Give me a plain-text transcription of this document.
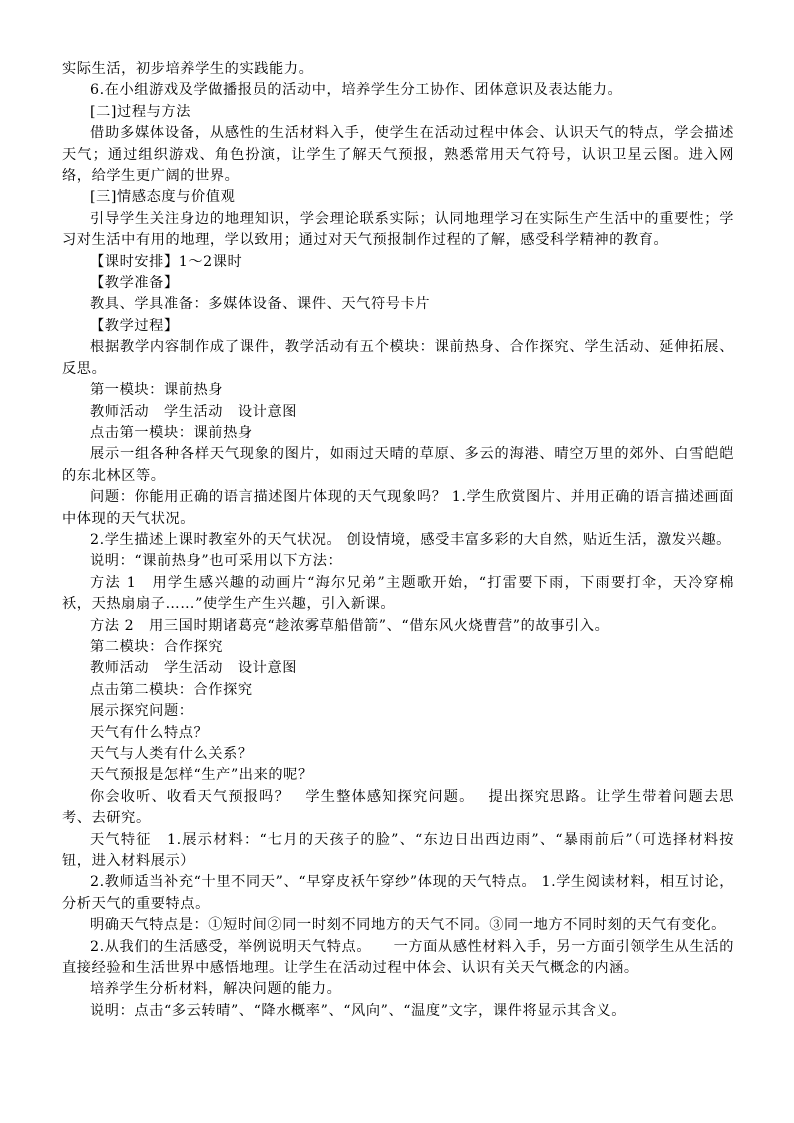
实际生活，初步培养学生的实践能力。

6.在小组游戏及学做播报员的活动中，培养学生分工协作、团体意识及表达能力。

[二]过程与方法

借助多媒体设备，从感性的生活材料入手，使学生在活动过程中体会、认识天气的特点，学会描述天气；通过组织游戏、角色扮演，让学生了解天气预报，熟悉常用天气符号，认识卫星云图。进入网络，给学生更广阔的世界。

[三]情感态度与价值观

引导学生关注身边的地理知识，学会理论联系实际；认同地理学习在实际生产生活中的重要性；学习对生活中有用的地理，学以致用；通过对天气预报制作过程的了解，感受科学精神的教育。

【课时安排】1～2课时

【教学准备】

教具、学具准备：多媒体设备、课件、天气符号卡片

【教学过程】

根据教学内容制作成了课件，教学活动有五个模块：课前热身、合作探究、学生活动、延伸拓展、反思。

第一模块：课前热身

教师活动　学生活动　设计意图

点击第一模块：课前热身

展示一组各种各样天气现象的图片，如雨过天晴的草原、多云的海港、晴空万里的郊外、白雪皑皑的东北林区等。

问题：你能用正确的语言描述图片体现的天气现象吗？ 1.学生欣赏图片、并用正确的语言描述画面中体现的天气状况。

2.学生描述上课时教室外的天气状况。 创设情境，感受丰富多彩的大自然，贴近生活，激发兴趣。

说明：“课前热身”也可采用以下方法：

方法 1　用学生感兴趣的动画片“海尔兄弟”主题歌开始，“打雷要下雨，下雨要打伞，天冷穿棉袄，天热扇扇子……”使学生产生兴趣，引入新课。

方法 2　用三国时期诸葛亮“趁浓雾草船借箭”、“借东风火烧曹营”的故事引入。

第二模块：合作探究

教师活动　学生活动　设计意图

点击第二模块：合作探究

展示探究问题：

天气有什么特点？

天气与人类有什么关系？

天气预报是怎样“生产”出来的呢？

你会收听、收看天气预报吗？　学生整体感知探究问题。　 提出探究思路。让学生带着问题去思考、去研究。

天气特征　1.展示材料：“七月的天孩子的脸”、“东边日出西边雨”、“暴雨前后”（可选择材料按钮，进入材料展示）

2.教师适当补充“十里不同天”、“早穿皮袄午穿纱”体现的天气特点。 1.学生阅读材料，相互讨论，分析天气的重要特点。

明确天气特点是：①短时间②同一时刻不同地方的天气不同。③同一地方不同时刻的天气有变化。

2.从我们的生活感受，举例说明天气特点。　　一方面从感性材料入手，另一方面引领学生从生活的直接经验和生活世界中感悟地理。让学生在活动过程中体会、认识有关天气概念的内涵。

培养学生分析材料，解决问题的能力。

说明：点击“多云转晴”、“降水概率”、“风向”、“温度”文字，课件将显示其含义。
